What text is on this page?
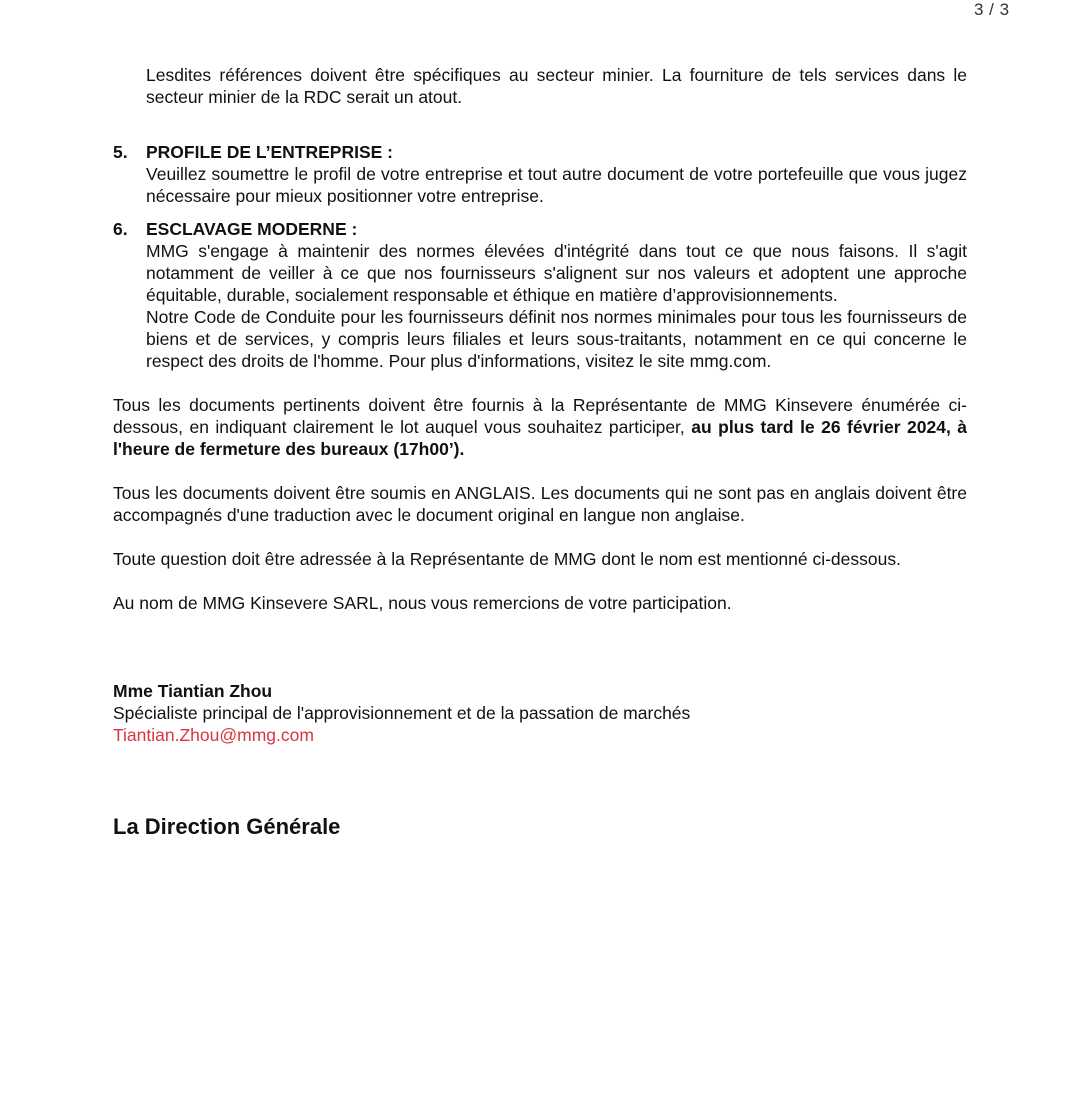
3 / 3
Lesdites références doivent être spécifiques au secteur minier. La fourniture de tels services dans le secteur minier de la RDC serait un atout.
5. PROFILE DE L’ENTREPRISE :
Veuillez soumettre le profil de votre entreprise et tout autre document de votre portefeuille que vous jugez nécessaire pour mieux positionner votre entreprise.
6. ESCLAVAGE MODERNE :
MMG s'engage à maintenir des normes élevées d'intégrité dans tout ce que nous faisons. Il s'agit notamment de veiller à ce que nos fournisseurs s'alignent sur nos valeurs et adoptent une approche équitable, durable, socialement responsable et éthique en matière d’approvisionnements.
Notre Code de Conduite pour les fournisseurs définit nos normes minimales pour tous les fournisseurs de biens et de services, y compris leurs filiales et leurs sous-traitants, notamment en ce qui concerne le respect des droits de l'homme. Pour plus d'informations, visitez le site mmg.com.
Tous les documents pertinents doivent être fournis à la Représentante de MMG Kinsevere énumérée ci-dessous, en indiquant clairement le lot auquel vous souhaitez participer, au plus tard le 26 février 2024, à l'heure de fermeture des bureaux (17h00’).
Tous les documents doivent être soumis en ANGLAIS. Les documents qui ne sont pas en anglais doivent être accompagnés d'une traduction avec le document original en langue non anglaise.
Toute question doit être adressée à la Représentante de MMG dont le nom est mentionné ci-dessous.
Au nom de MMG Kinsevere SARL, nous vous remercions de votre participation.
Mme Tiantian Zhou
Spécialiste principal de l'approvisionnement et de la passation de marchés
Tiantian.Zhou@mmg.com
La Direction Générale
